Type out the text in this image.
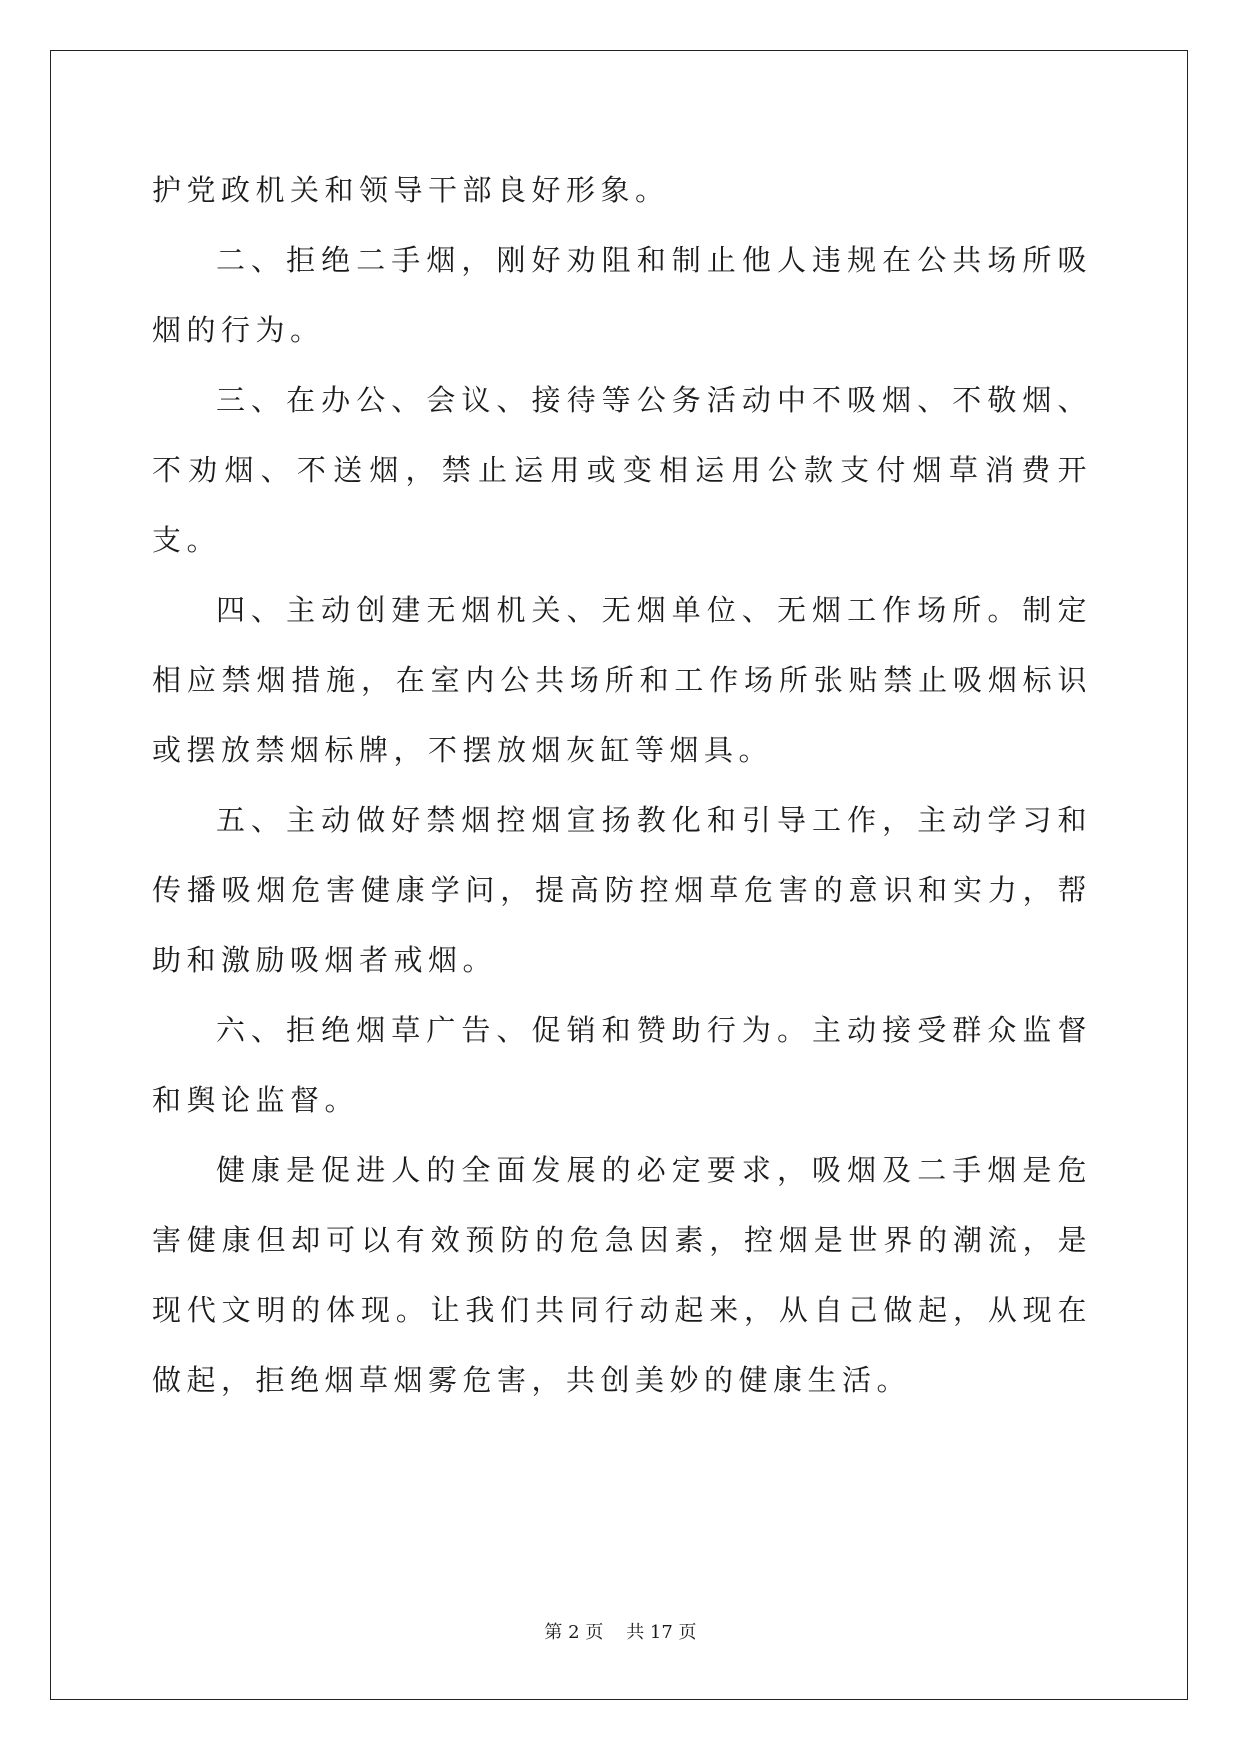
护党政机关和领导干部良好形象。

二、拒绝二手烟，刚好劝阻和制止他人违规在公共场所吸烟的行为。

三、在办公、会议、接待等公务活动中不吸烟、不敬烟、不劝烟、不送烟，禁止运用或变相运用公款支付烟草消费开支。

四、主动创建无烟机关、无烟单位、无烟工作场所。制定相应禁烟措施，在室内公共场所和工作场所张贴禁止吸烟标识或摆放禁烟标牌，不摆放烟灰缸等烟具。

五、主动做好禁烟控烟宣扬教化和引导工作，主动学习和传播吸烟危害健康学问，提高防控烟草危害的意识和实力，帮助和激励吸烟者戒烟。

六、拒绝烟草广告、促销和赞助行为。主动接受群众监督和舆论监督。

健康是促进人的全面发展的必定要求，吸烟及二手烟是危害健康但却可以有效预防的危急因素，控烟是世界的潮流，是现代文明的体现。让我们共同行动起来，从自己做起，从现在做起，拒绝烟草烟雾危害，共创美妙的健康生活。

第 2 页    共 17 页
